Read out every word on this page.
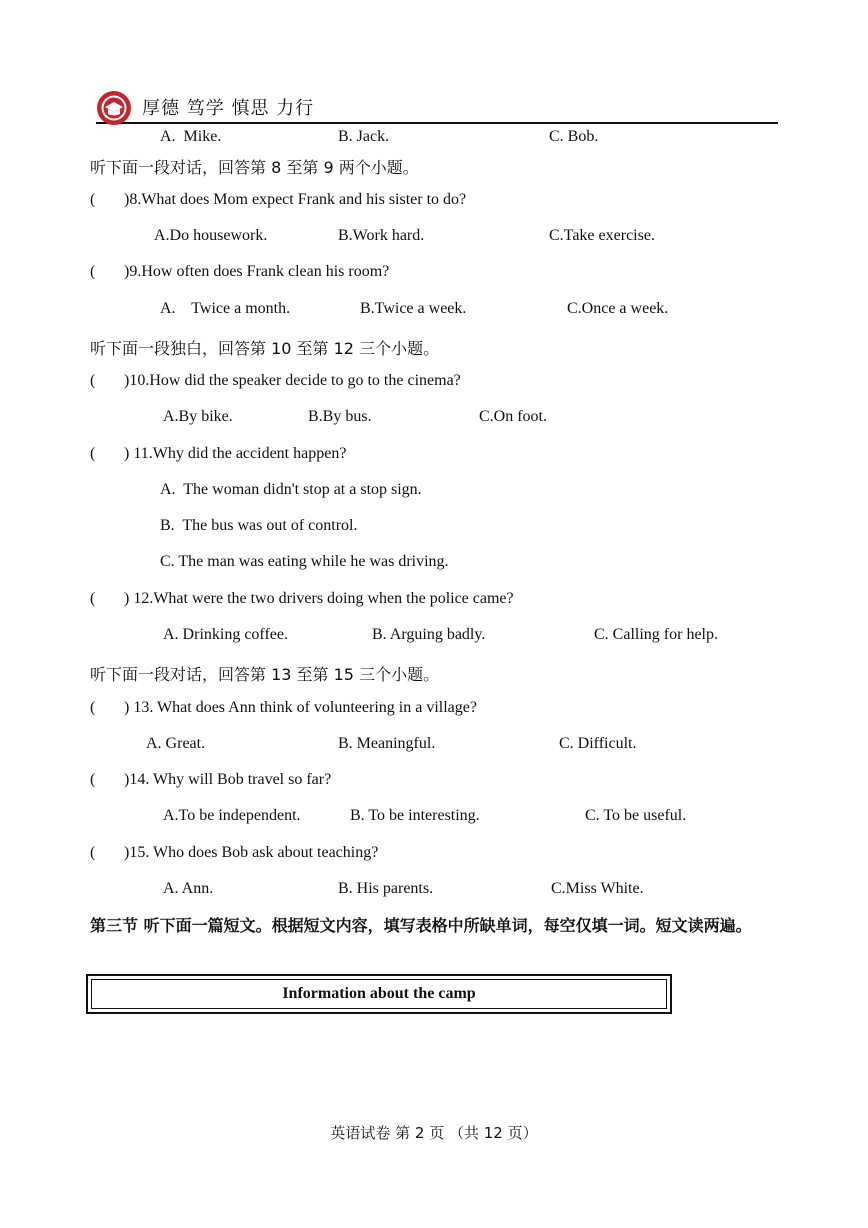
厚德 笃学 慎思 力行
A.  Mike.	B. Jack.	C. Bob.
听下面一段对话，回答第 8 至第 9 两个小题。
( )8.What does Mom expect Frank and his sister to do?
A.Do housework.	B.Work hard.	C.Take exercise.
( )9.How often does Frank clean his room?
A.    Twice a month.	B.Twice a week.	C.Once a week.
听下面一段独白，回答第 10 至第 12 三个小题。
( )10.How did the speaker decide to go to the cinema?
A.By bike.	B.By bus.	C.On foot.
( ) 11.Why did the accident happen?
A.  The woman didn't stop at a stop sign.
B.  The bus was out of control.
C. The man was eating while he was driving.
( ) 12.What were the two drivers doing when the police came?
A. Drinking coffee.	B. Arguing badly.	C. Calling for help.
听下面一段对话，回答第 13 至第 15 三个小题。
( ) 13. What does Ann think of volunteering in a village?
A. Great.	B. Meaningful.	C. Difficult.
( )14. Why will Bob travel so far?
A.To be independent.	B. To be interesting.	C. To be useful.
( )15. Who does Bob ask about teaching?
A. Ann.	B. His parents.	C.Miss White.
第三节 听下面一篇短文。根据短文内容，填写表格中所缺单词，每空仅填一词。短文读两遍。
Information about the camp
英语试卷 第 2 页 （共 12 页）
